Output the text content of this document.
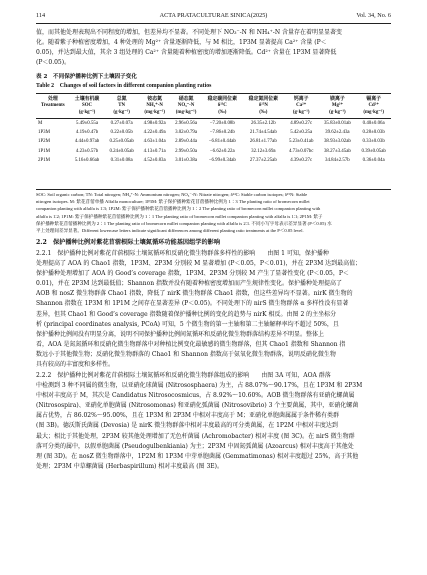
114	ACTA PRATACULTURAE SINICA(2025)	Vol. 34, No. 6
值，而其他处理表现出不同程度的增加，但差异均不显著。不同处理下 NO₃⁻-N 和 NH₄⁺-N 含量存在着明显显著变
化。随着紫子种植密度增加，4 种处理的 Mg²⁺ 含量逐渐降低，与 M 相比，1P3M 显著提高 Ca²⁺ 含量 (P＜
0.05)，并达到最大值，其余 3 组处理的 Ca²⁺ 含量随着种植密度的增加逐渐降低。Cd²⁺ 含量在 1P3M 显著降低
(P＜0.05)。
表 2　不同保护播种比例下土壤因子变化
Table 2　Changes of soil factors in different companion planting ratios
处理	土壤有机碳	总氮	铵态氮	硝态氮	稳定碳同位素	稳定氮同位素	钙离子	镁离子	镉离子
Treatments	SOC	TN	NH₄⁺-N	NO₃⁻-N	δ¹³C	δ¹⁵N	Ca²⁺	Mg²⁺	Cd²⁺
	(g·kg⁻¹)	(g·kg⁻¹)	(mg·kg⁻¹)	(mg·kg⁻¹)	(‰)	(‰)	(g·kg⁻¹)	(g·kg⁻¹)	(mg·kg⁻¹)
M	5.49±0.55a	0.27±0.07a	4.98±0.92a	2.96±0.56a	−7.20±0.08b	26.35±2.12b	4.89±0.27c	35.83±0.01ab	0.40±0.06a
1P3M	4.19±0.47b	0.22±0.05b	4.22±0.49a	3.02±0.79a	−7.86±0.24b	21.74±4.54ab	5.42±0.25a	39.62±2.43a	0.28±0.03b
1P2M	4.44±0.97ab	0.25±0.05ab	4.63±1.04a	2.89±0.44a	−6.81±0.44ab	26.81±1.77ab	5.23±0.41ab	38.93±3.02ab	0.33±0.03b
1P1M	4.23±0.57b	0.24±0.05ab	4.13±0.71a	2.99±0.50a	−6.62±0.22a	32.12±3.69a	4.73±0.07bc	38.27±3.45ab	0.39±0.05ab
2P1M	5.16±0.66ab	0.31±0.08a	4.52±0.83a	3.01±0.38a	−6.99±0.34ab	27.37±2.25ab	4.39±0.27c	34.84±2.57b	0.36±0.04a
SOC: Soil organic carbon; TN: Total nitrogen; NH₄⁺-N: Ammonium nitrogen; NO₃⁻-N: Nitrate nitrogen; δ¹³C: Stable carbon isotopes; δ¹⁵N: Stable
nitrogen isotopes. M: 紫花苜蓿单播 Alfalfa monoculture; 1P3M: 紫子保护播种紫花苜蓿播种比例为 1∶3 The planting ratio of bromecorn millet
companion planting with alfalfa is 1∶3; 1P2M: 紫子保护播种紫花苜蓿播种比例为 1∶2 The planting ratio of bromecorn millet companion planting with
alfalfa is 1∶2; 1P1M: 紫子保护播种紫花苜蓿播种比例为 1∶1 The planting ratio of bromecorn millet companion planting with alfalfa is 1∶1; 2P1M: 紫子
保护播种紫花苜蓿播种比例为 2∶1 The planting ratio of bromecorn millet companion planting with alfalfa is 2∶1. 不同小写字母表示差异显著 (P＜0.05) 水
平上处理间差异显著。Different lowercase letters indicate significant differences among different planting ratio treatments at the P＜0.05 level.
2.2　保护播种比例对紫花苜蓿根际土壤氮循环功能基因组学的影响
2.2.1　保护播种比例对紫花苜蓿根际土壤氮循环和反硝化微生物群落多样性的影响　　由图 1 可知，保护播种
处理提高了 AOA 的 Chao1 指数，1P3M、2P3M 分别较 M 显著增加 (P＜0.05，P＜0.01)，并在 2P3M 达到最高值；
保护播种处理增加了 AOA 的 Good’s coverage 指数，1P3M、2P3M 分别较 M 产生了显著性变化 (P＜0.05，P＜
0.01)，并在 2P3M 达到最低值；Shannon 指数并没有随着种植密度增加而产生规律性变化。保护播种处理提高了
AOB 和 nosZ 微生物群落 Chao1 指数，降低了 nirK 微生物群落 Chao1 指数，但这些差异均不显著。nirK 微生物的
Shannon 指数在 1P3M 和 1P1M 之间存在显著差异 (P＜0.05)。不同处理下的 nirS 微生物群落 α 多样性没有显著
差异，但其 Chao1 和 Good’s coverage 指数随着保护播种比例的变化的趋势与 nirK 相反。由图 2 的主坐标分
析 (principal coordinates analysis, PCoA) 可知，5 个微生物的第一主轴和第二主轴解释率均不超过 50%，且
保护播种比例间没有明显分离，说明不同保护播种比例间氮循环和反硝化微生物群落结构差异不明显。整体上
看，AOA 是氮氮循环和反硝化微生物群落中对种植比例变化最敏感的微生物群落，但其 Chao1 指数和 Shannon 指
数远小于其他微生物；反硝化微生物群落的 Chao1 和 Shannon 指数高于氨氧化微生物群落，说明反硝化微生物
具有较高的丰富度和多样性。
2.2.2　保护播种比例对紫花苜蓿根际土壤氮循环和反硝化微生物群落组成的影响　　由图 3A 可知，AOA 群落
中检测到 3 种不同属的微生物，以亚硝化球菌属 (Nitrososphaera) 为主，占 88.07%～90.17%，且在 1P3M 和 2P3M
中相对丰度高于 M，其次是 Candidatus Nitrosocosmicus，占 8.92%～10.60%。AOB 微生物群落有亚硝化螺菌属
(Nitrosospira)、亚硝化单胞菌属 (Nitrosomonas) 和亚硝化弧菌属 (Nitrosovibrio) 3 个主要菌属，其中，亚硝化螺菌
属占优势，占 86.02%～95.00%，且在 1P3M 和 2P3M 中相对丰度高于 M；亚硝化单胞菌属属于条件稀有类群
(图 3B)。德沃斯氏菌属 (Devosia) 是 nirK 微生物群落中相对丰度最高的可分类菌属，在 1P2M 中相对丰度达到
最大；相比于其他处理，2P3M 较其他处理增加了无色杆菌属 (Achromobacter) 相对丰度 (图 3C)。在 nirS 微生物群
落可分类的属中，以假单胞菌属 (Pseudogulbenkiania) 为主；2P3M 中固氮弧菌属 (Azoarcus) 相对丰度高于其他处
理 (图 3D)。在 nosZ 微生物群落中，1P2M 和 1P3M 中芽单胞菌属 (Gemmatimonas) 相对丰度超过 25%，高于其他
处理；2P3M 中草螺菌属 (Herbaspirillum) 相对丰度最高 (图 3E)。
